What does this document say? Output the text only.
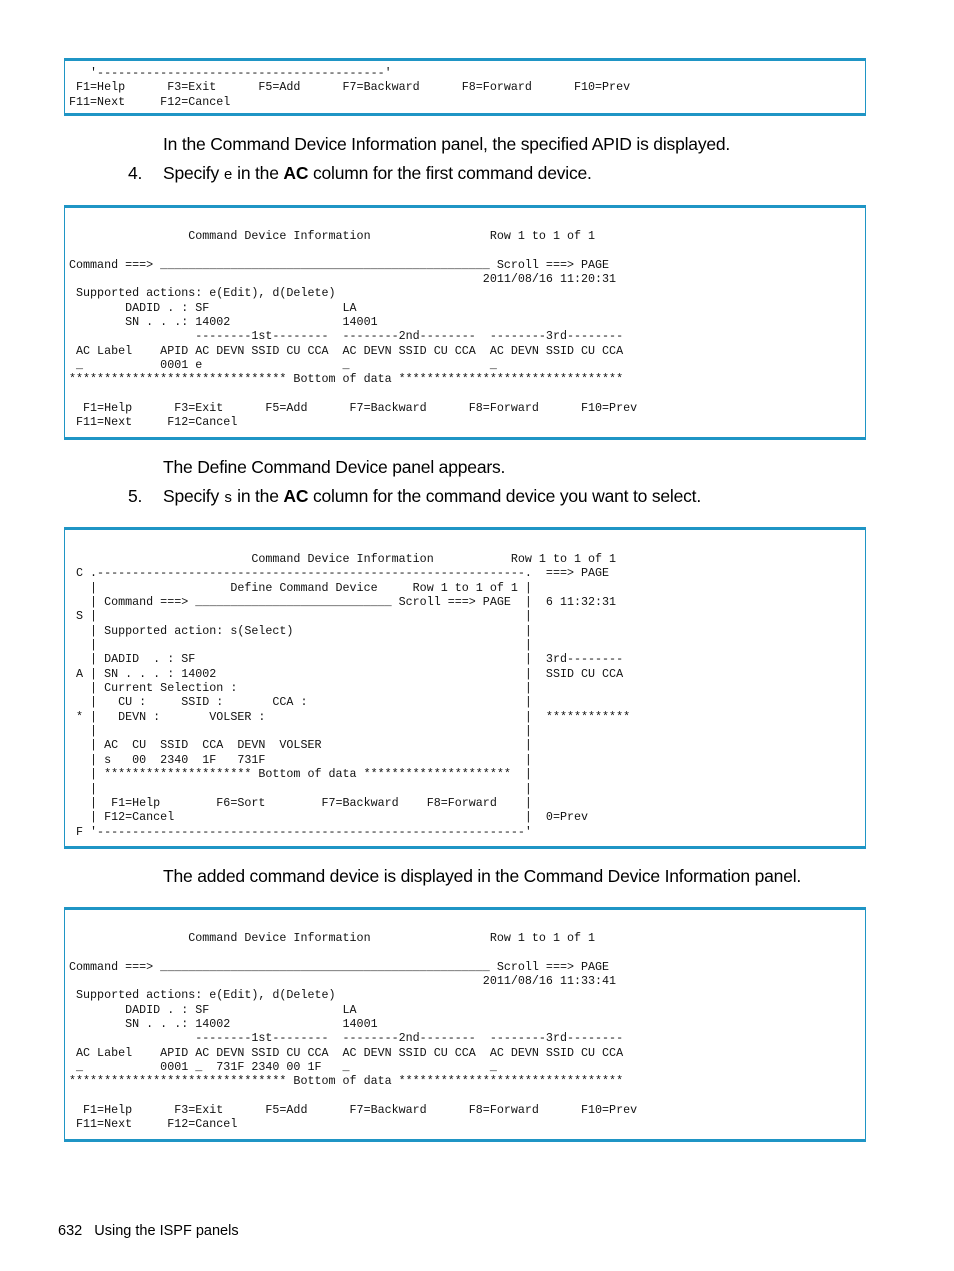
'-----------------------------------------'
F1=Help      F3=Exit      F5=Add      F7=Backward      F8=Forward      F10=Prev
F11=Next     F12=Cancel
In the Command Device Information panel, the specified APID is displayed.
4. Specify e in the AC column for the first command device.
Command Device Information                 Row 1 to 1 of 1

Command ===> _______________________________________________ Scroll ===> PAGE
2011/08/16 11:20:31
Supported actions: e(Edit), d(Delete)
DADID . : SF                   LA
SN . . .: 14002                14001
--------1st--------  --------2nd--------  --------3rd--------
AC Label    APID AC DEVN SSID CU CCA  AC DEVN SSID CU CCA  AC DEVN SSID CU CCA
_           0001 e                    _                    _
******************************* Bottom of data ********************************

F1=Help      F3=Exit      F5=Add      F7=Backward      F8=Forward      F10=Prev
F11=Next     F12=Cancel
The Define Command Device panel appears.
5. Specify s in the AC column for the command device you want to select.
Command Device Information           Row 1 to 1 of 1
C .-------------------------------------------------------------.  ===> PAGE
|                   Define Command Device     Row 1 to 1 of 1 |
| Command ===> ____________________________ Scroll ===> PAGE  |  6 11:32:31
S |                                                             |
| Supported action: s(Select)                                 |
|                                                             |
| DADID  . : SF                                               |  3rd--------
A | SN . . . : 14002                                            |  SSID CU CCA
| Current Selection :                                         |
|   CU :     SSID :       CCA :                               |
* |   DEVN :       VOLSER :                                     |  ************
|                                                             |
| AC  CU  SSID  CCA  DEVN  VOLSER                             |
| s   00  2340  1F   731F                                     |
| ********************* Bottom of data *********************  |
|                                                             |
|  F1=Help        F6=Sort        F7=Backward    F8=Forward    |
| F12=Cancel                                                  |  0=Prev
F '-------------------------------------------------------------'
The added command device is displayed in the Command Device Information panel.
Command Device Information                 Row 1 to 1 of 1

Command ===> _______________________________________________ Scroll ===> PAGE
2011/08/16 11:33:41
Supported actions: e(Edit), d(Delete)
DADID . : SF                   LA
SN . . .: 14002                14001
--------1st--------  --------2nd--------  --------3rd--------
AC Label    APID AC DEVN SSID CU CCA  AC DEVN SSID CU CCA  AC DEVN SSID CU CCA
_           0001 _  731F 2340 00 1F   _                    _
******************************* Bottom of data ********************************

F1=Help      F3=Exit      F5=Add      F7=Backward      F8=Forward      F10=Prev
F11=Next     F12=Cancel
632 Using the ISPF panels
